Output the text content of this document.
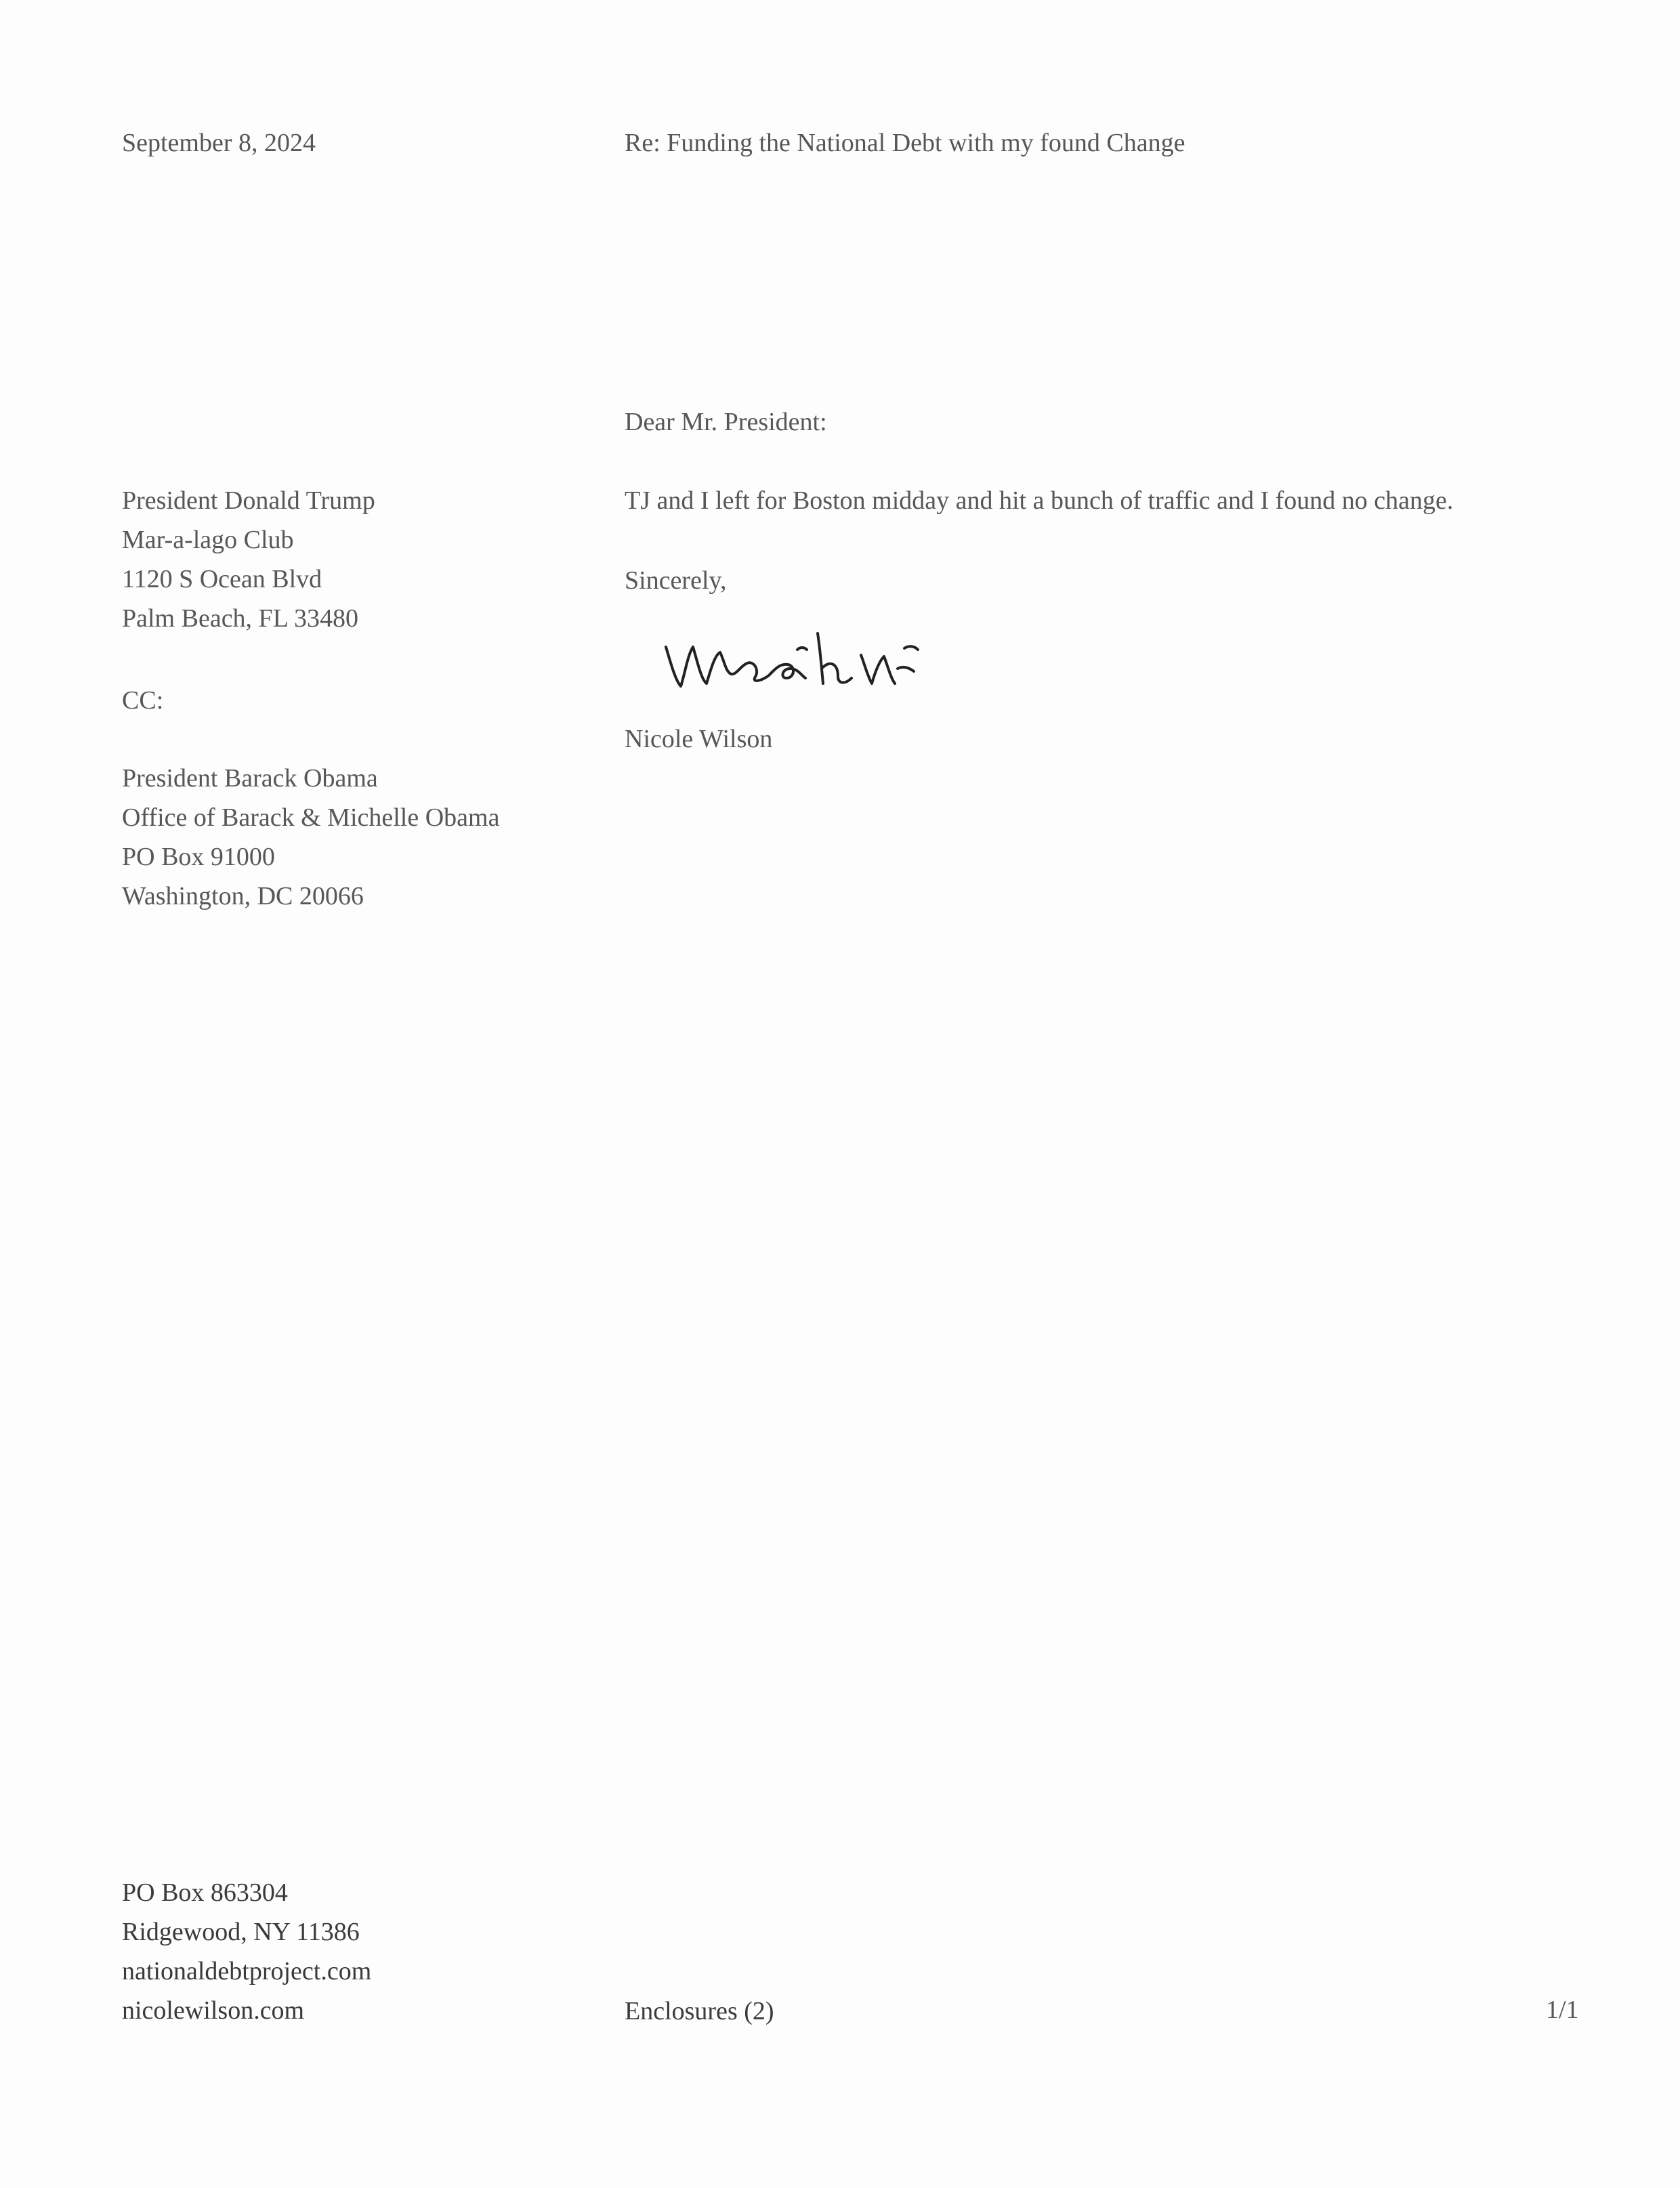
September 8, 2024	Re: Funding the National Debt with my found Change
Dear Mr. President:
President Donald Trump
Mar-a-lago Club
1120 S Ocean Blvd
Palm Beach, FL 33480
TJ and I left for Boston midday and hit a bunch of traffic and I found no change.
Sincerely,
Nicole Wilson
CC:
President Barack Obama
Office of Barack & Michelle Obama
PO Box 91000
Washington, DC 20066
PO Box 863304
Ridgewood, NY 11386
nationaldebtproject.com
nicolewilson.com	Enclosures (2)	1/1
